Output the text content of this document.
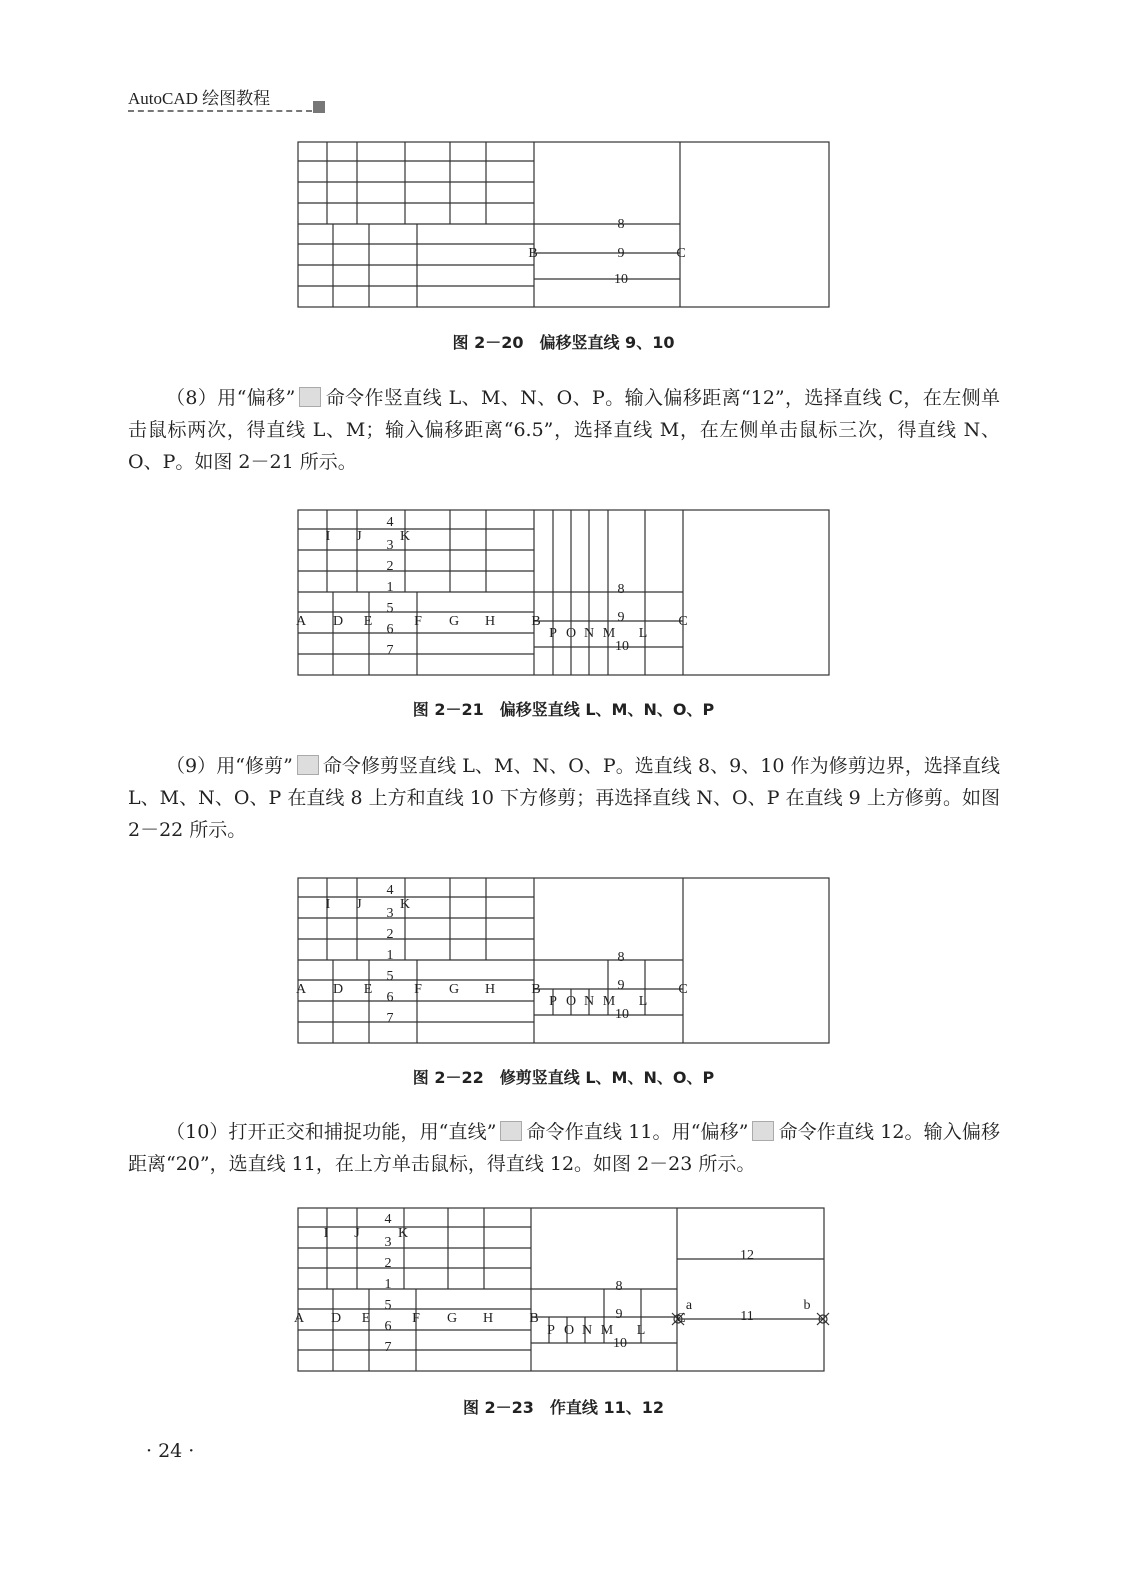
AutoCAD 绘图教程
8
B	9	C
10
图 2－20　偏移竖直线 9、10
（8）用“偏移” 命令作竖直线 L、M、N、O、P。输入偏移距离“12”，选择直线 C，在左侧单击鼠标两次，得直线 L、M；输入偏移距离“6.5”，选择直线 M，在左侧单击鼠标三次，得直线 N、O、P。如图 2－21 所示。
4
I J	K
3
2
1
5
A D E	F G H	B
6
7
P O N M L
8
9	C
10
图 2－21　偏移竖直线 L、M、N、O、P
（9）用“修剪” 命令修剪竖直线 L、M、N、O、P。选直线 8、9、10 作为修剪边界，选择直线 L、M、N、O、P 在直线 8 上方和直线 10 下方修剪；再选择直线 N、O、P 在直线 9 上方修剪。如图 2－22 所示。
4
I J	K
3
2
1
5
A D E	F G H	B
6
7
P O N M L
8
9	C
10
图 2－22　修剪竖直线 L、M、N、O、P
（10）打开正交和捕捉功能，用“直线” 命令作直线 11。用“偏移” 命令作直线 12。输入偏移距离“20”，选直线 11，在上方单击鼠标，得直线 12。如图 2－23 所示。
4
I J	K
3
2
1
5
A D E	F G H	B
6
7
P O N M L
8
9	C
10
12
a
11
b
图 2－23　作直线 11、12
· 24 ·
